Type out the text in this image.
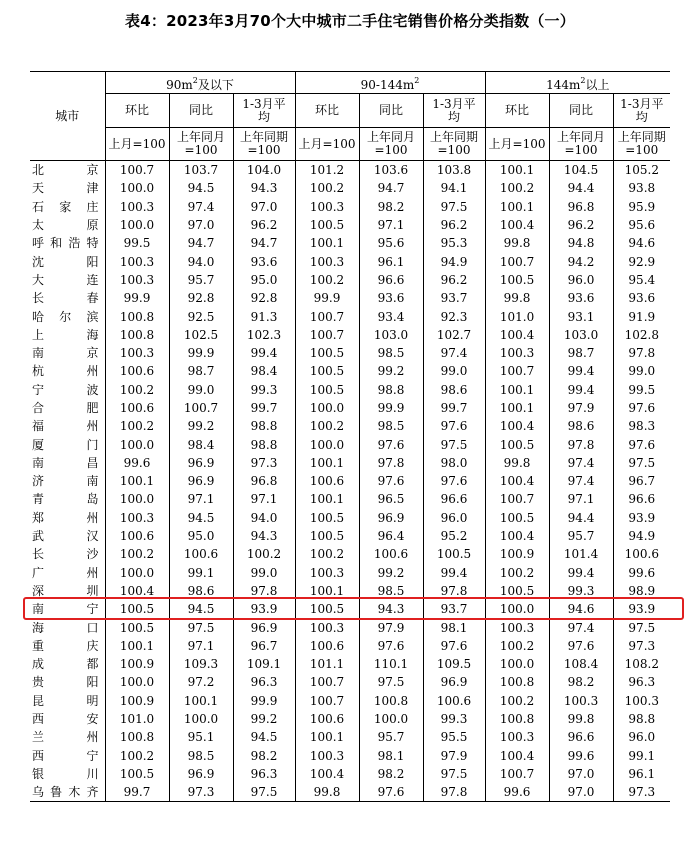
表4：2023年3月70个大中城市二手住宅销售价格分类指数（一）
城市	$90m^2$及以下			$90-144m^2$			$144m^2$以上		
	环比	同比	1-3月平均	环比	同比	1-3月平均	环比	同比	1-3月平均
	上月=100	上年同月=100	上年同期=100	上月=100	上年同月=100	上年同期=100	上月=100	上年同月=100	上年同期=100
北 京	100.7	103.7	104.0	101.2	103.6	103.8	100.1	104.5	105.2
天 津	100.0	94.5	94.3	100.2	94.7	94.1	100.2	94.4	93.8
石家庄	100.3	97.4	97.0	100.3	98.2	97.5	100.1	96.8	95.9
太 原	100.0	97.0	96.2	100.5	97.1	96.2	100.4	96.2	95.6
呼和浩特	99.5	94.7	94.7	100.1	95.6	95.3	99.8	94.8	94.6
沈 阳	100.3	94.0	93.6	100.3	96.1	94.9	100.7	94.2	92.9
大 连	100.3	95.7	95.0	100.2	96.6	96.2	100.5	96.0	95.4
长 春	99.9	92.8	92.8	99.9	93.6	93.7	99.8	93.6	93.6
哈尔滨	100.8	92.5	91.3	100.7	93.4	92.3	101.0	93.1	91.9
上 海	100.8	102.5	102.3	100.7	103.0	102.7	100.4	103.0	102.8
南 京	100.3	99.9	99.4	100.5	98.5	97.4	100.3	98.7	97.8
杭 州	100.6	98.7	98.4	100.5	99.2	99.0	100.7	99.4	99.0
宁 波	100.2	99.0	99.3	100.5	98.8	98.6	100.1	99.4	99.5
合 肥	100.6	100.7	99.7	100.0	99.9	99.7	100.1	97.9	97.6
福 州	100.2	99.2	98.8	100.2	98.5	97.6	100.4	98.6	98.3
厦 门	100.0	98.4	98.8	100.0	97.6	97.5	100.5	97.8	97.6
南 昌	99.6	96.9	97.3	100.1	97.8	98.0	99.8	97.4	97.5
济 南	100.1	96.9	96.8	100.6	97.6	97.6	100.4	97.4	96.7
青 岛	100.0	97.1	97.1	100.1	96.5	96.6	100.7	97.1	96.6
郑 州	100.3	94.5	94.0	100.5	96.9	96.0	100.5	94.4	93.9
武 汉	100.6	95.0	94.3	100.5	96.4	95.2	100.4	95.7	94.9
长 沙	100.2	100.6	100.2	100.2	100.6	100.5	100.9	101.4	100.6
广 州	100.0	99.1	99.0	100.3	99.2	99.4	100.2	99.4	99.6
深 圳	100.4	98.6	97.8	100.1	98.5	97.8	100.5	99.3	98.9
南 宁	100.5	94.5	93.9	100.5	94.3	93.7	100.0	94.6	93.9
海 口	100.5	97.5	96.9	100.3	97.9	98.1	100.3	97.4	97.5
重 庆	100.1	97.1	96.7	100.6	97.6	97.6	100.2	97.6	97.3
成 都	100.9	109.3	109.1	101.1	110.1	109.5	100.0	108.4	108.2
贵 阳	100.0	97.2	96.3	100.7	97.5	96.9	100.8	98.2	96.3
昆 明	100.9	100.1	99.9	100.7	100.8	100.6	100.2	100.3	100.3
西 安	101.0	100.0	99.2	100.6	100.0	99.3	100.8	99.8	98.8
兰 州	100.8	95.1	94.5	100.1	95.7	95.5	100.3	96.6	96.0
西 宁	100.2	98.5	98.2	100.3	98.1	97.9	100.4	99.6	99.1
银 川	100.5	96.9	96.3	100.4	98.2	97.5	100.7	97.0	96.1
乌鲁木齐	99.7	97.3	97.5	99.8	97.6	97.8	99.6	97.0	97.3
